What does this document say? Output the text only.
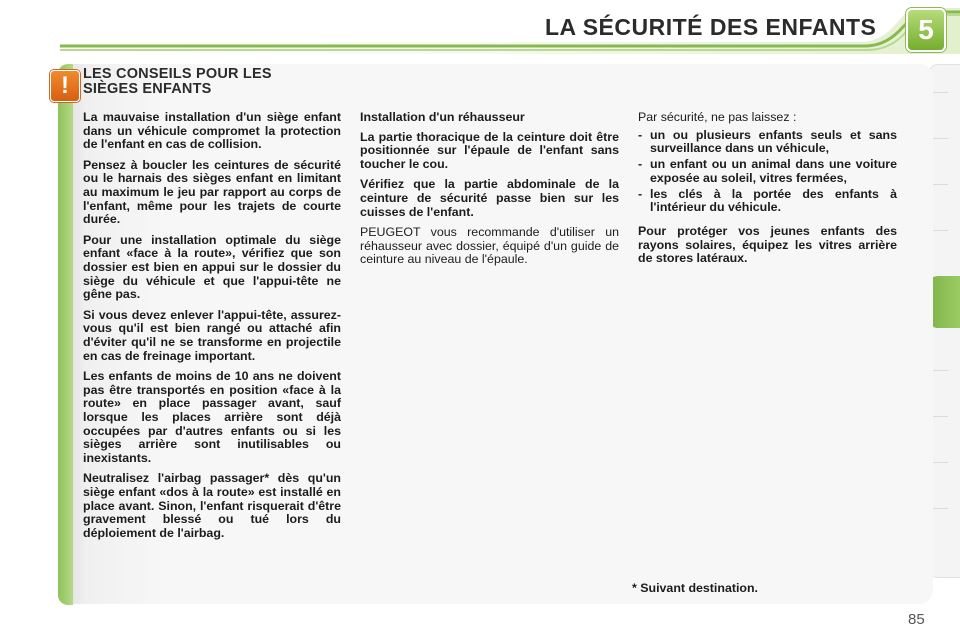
LA SÉCURITÉ DES ENFANTS	5
! LES CONSEILS POUR LES
SIÈGES ENFANTS

La mauvaise installation d'un siège enfant dans un véhicule compromet la protection de l'enfant en cas de collision.

Pensez à boucler les ceintures de sécurité ou le harnais des sièges enfant en limitant au maximum le jeu par rapport au corps de l'enfant, même pour les trajets de courte durée.

Pour une installation optimale du siège enfant «face à la route», vérifiez que son dossier est bien en appui sur le dossier du siège du véhicule et que l'appui-tête ne gêne pas.

Si vous devez enlever l'appui-tête, assurez-vous qu'il est bien rangé ou attaché afin d'éviter qu'il ne se transforme en projectile en cas de freinage important.

Les enfants de moins de 10 ans ne doivent pas être transportés en position «face à la route» en place passager avant, sauf lorsque les places arrière sont déjà occupées par d'autres enfants ou si les sièges arrière sont inutilisables ou inexistants.

Neutralisez l'airbag passager* dès qu'un siège enfant «dos à la route» est installé en place avant. Sinon, l'enfant risquerait d'être gravement blessé ou tué lors du déploiement de l'airbag.

Installation d'un réhausseur

La partie thoracique de la ceinture doit être positionnée sur l'épaule de l'enfant sans toucher le cou.

Vérifiez que la partie abdominale de la ceinture de sécurité passe bien sur les cuisses de l'enfant.

PEUGEOT vous recommande d'utiliser un réhausseur avec dossier, équipé d'un guide de ceinture au niveau de l'épaule.

Par sécurité, ne pas laissez :

- un ou plusieurs enfants seuls et sans surveillance dans un véhicule,
- un enfant ou un animal dans une voiture exposée au soleil, vitres fermées,
- les clés à la portée des enfants à l'intérieur du véhicule.

Pour protéger vos jeunes enfants des rayons solaires, équipez les vitres arrière de stores latéraux.

* Suivant destination.
85
